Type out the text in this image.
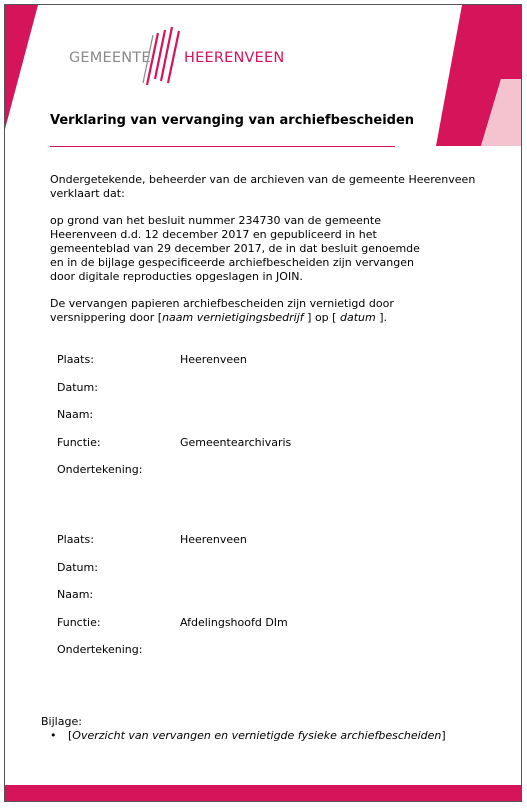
GEMEENTE HEERENVEEN
Verklaring van vervanging van archiefbescheiden
Ondergetekende, beheerder van de archieven van de gemeente Heerenveen
verklaart dat:
op grond van het besluit nummer 234730 van de gemeente
Heerenveen d.d. 12 december 2017 en gepubliceerd in het
gemeenteblad van 29 december 2017, de in dat besluit genoemde
en in de bijlage gespecificeerde archiefbescheiden zijn vervangen
door digitale reproducties opgeslagen in JOIN.
De vervangen papieren archiefbescheiden zijn vernietigd door
versnippering door [naam vernietigingsbedrijf ] op [ datum ].
Plaats:	Heerenveen
Datum:
Naam:
Functie:	Gemeentearchivaris
Ondertekening:
Plaats:	Heerenveen
Datum:
Naam:
Functie:	Afdelingshoofd DIm
Ondertekening:
Bijlage:
• [Overzicht van vervangen en vernietigde fysieke archiefbescheiden]
